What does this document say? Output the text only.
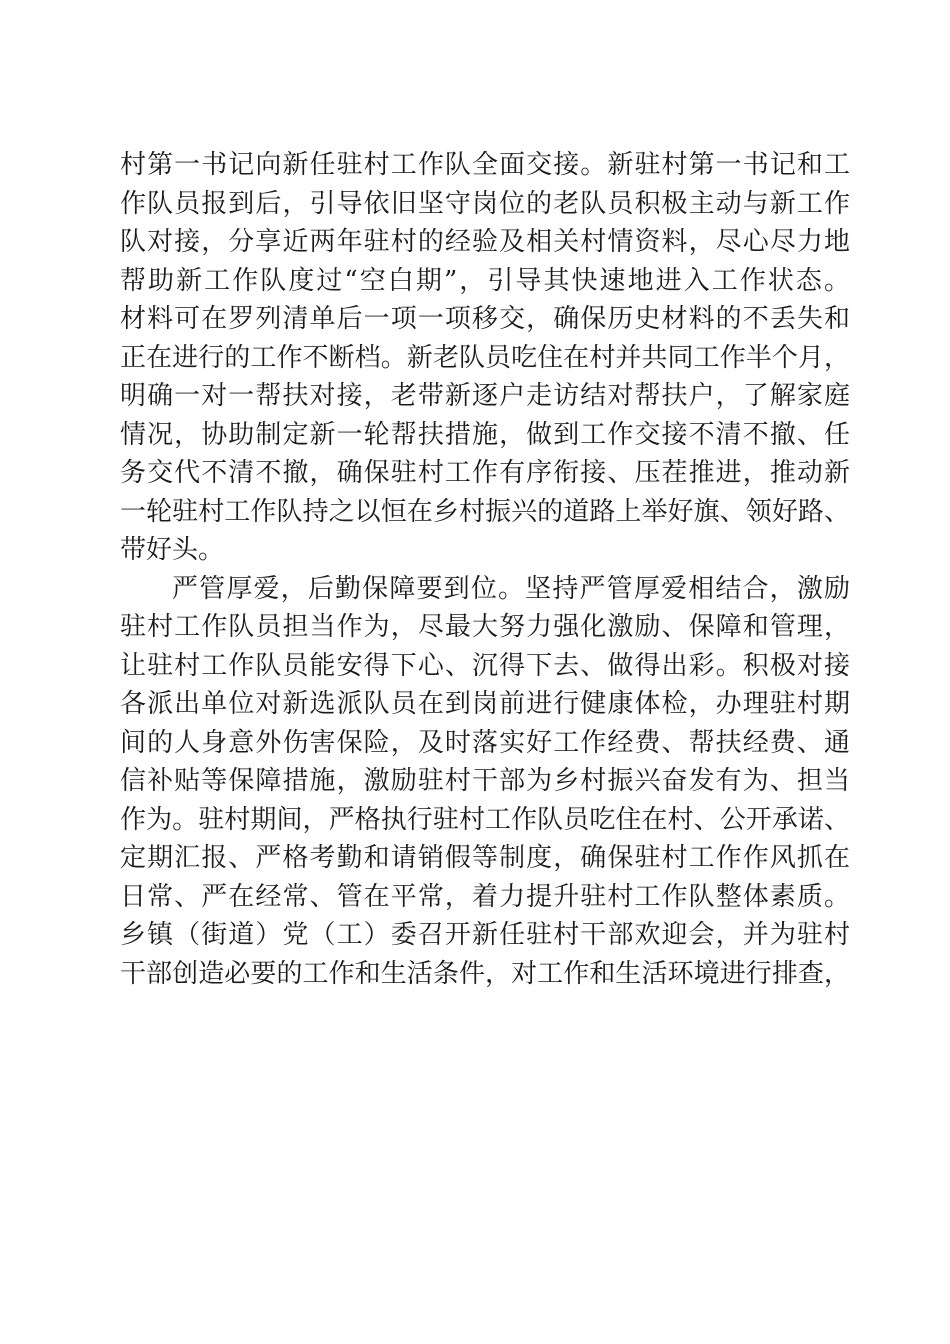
村第一书记向新任驻村工作队全面交接。新驻村第一书记和工
作队员报到后，引导依旧坚守岗位的老队员积极主动与新工作
队对接，分享近两年驻村的经验及相关村情资料，尽心尽力地
帮助新工作队度过“空白期”，引导其快速地进入工作状态。
材料可在罗列清单后一项一项移交，确保历史材料的不丢失和
正在进行的工作不断档。新老队员吃住在村并共同工作半个月，
明确一对一帮扶对接，老带新逐户走访结对帮扶户，了解家庭
情况，协助制定新一轮帮扶措施，做到工作交接不清不撤、任
务交代不清不撤，确保驻村工作有序衔接、压茬推进，推动新
一轮驻村工作队持之以恒在乡村振兴的道路上举好旗、领好路、
带好头。
严管厚爱，后勤保障要到位。坚持严管厚爱相结合，激励
驻村工作队员担当作为，尽最大努力强化激励、保障和管理，
让驻村工作队员能安得下心、沉得下去、做得出彩。积极对接
各派出单位对新选派队员在到岗前进行健康体检，办理驻村期
间的人身意外伤害保险，及时落实好工作经费、帮扶经费、通
信补贴等保障措施，激励驻村干部为乡村振兴奋发有为、担当
作为。驻村期间，严格执行驻村工作队员吃住在村、公开承诺、
定期汇报、严格考勤和请销假等制度，确保驻村工作作风抓在
日常、严在经常、管在平常，着力提升驻村工作队整体素质。
乡镇（街道）党（工）委召开新任驻村干部欢迎会，并为驻村
干部创造必要的工作和生活条件，对工作和生活环境进行排查，
